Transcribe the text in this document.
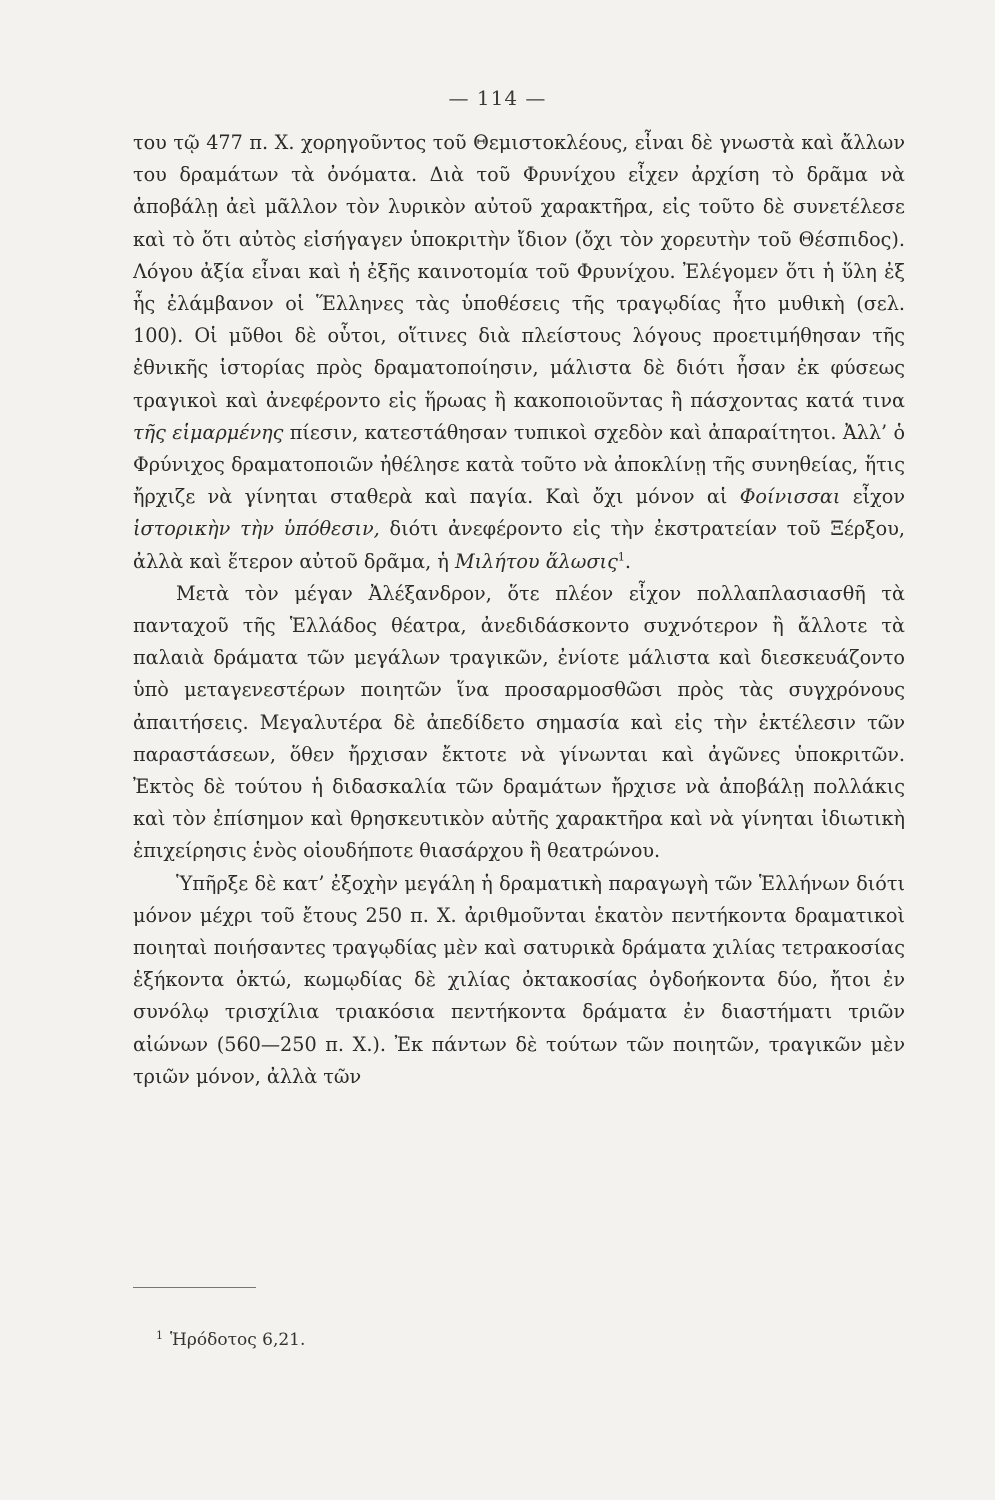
— 114 —

του τῷ 477 π. Χ. χορηγοῦντος τοῦ Θεμιστοκλέους, εἶναι δὲ γνωστὰ καὶ ἄλλων του δραμάτων τὰ ὀνόματα. Διὰ τοῦ Φρυνίχου εἶχεν ἀρχίση τὸ δρᾶμα νὰ ἀποβάλῃ ἀεὶ μᾶλλον τὸν λυρικὸν αὐτοῦ χαρακτῆρα, εἰς τοῦτο δὲ συνετέλεσε καὶ τὸ ὅτι αὐτὸς εἰσήγαγεν ὑποκριτὴν ἴδιον (ὄχι τὸν χορευτὴν τοῦ Θέσπιδος). Λόγου ἀξία εἶναι καὶ ἡ ἐξῆς καινοτομία τοῦ Φρυνίχου. Ἐλέγομεν ὅτι ἡ ὕλη ἐξ ἧς ἐλάμβανον οἱ Ἕλληνες τὰς ὑποθέσεις τῆς τραγῳδίας ἦτο μυθικὴ (σελ. 100). Οἱ μῦθοι δὲ οὗτοι, οἵτινες διὰ πλείστους λόγους προετιμήθησαν τῆς ἐθνικῆς ἱστορίας πρὸς δραματοποίησιν, μάλιστα δὲ διότι ἦσαν ἐκ φύσεως τραγικοὶ καὶ ἀνεφέροντο εἰς ἥρωας ἢ κακοποιοῦντας ἢ πάσχοντας κατά τινα τῆς εἱμαρμένης πίεσιν, κατεστάθησαν τυπικοὶ σχεδὸν καὶ ἀπαραίτητοι. Ἀλλ’ ὁ Φρύνιχος δραματοποιῶν ἠθέλησε κατὰ τοῦτο νὰ ἀποκλίνῃ τῆς συνηθείας, ἥτις ἤρχιζε νὰ γίνηται σταθερὰ καὶ παγία. Καὶ ὄχι μόνον αἱ Φοίνισσαι εἶχον ἱστορικὴν τὴν ὑπόθεσιν, διότι ἀνεφέροντο εἰς τὴν ἐκστρατείαν τοῦ Ξέρξου, ἀλλὰ καὶ ἕτερον αὐτοῦ δρᾶμα, ἡ Μιλήτου ἅλωσις$^1$.

Μετὰ τὸν μέγαν Ἀλέξανδρον, ὅτε πλέον εἶχον πολλαπλασιασθῆ τὰ πανταχοῦ τῆς Ἑλλάδος θέατρα, ἀνεδιδάσκοντο συχνότερον ἢ ἄλλοτε τὰ παλαιὰ δράματα τῶν μεγάλων τραγικῶν, ἐνίοτε μάλιστα καὶ διεσκευάζοντο ὑπὸ μεταγενεστέρων ποιητῶν ἵνα προσαρμοσθῶσι πρὸς τὰς συγχρόνους ἀπαιτήσεις. Μεγαλυτέρα δὲ ἀπεδίδετο σημασία καὶ εἰς τὴν ἐκτέλεσιν τῶν παραστάσεων, ὅθεν ἤρχισαν ἔκτοτε νὰ γίνωνται καὶ ἀγῶνες ὑποκριτῶν. Ἐκτὸς δὲ τούτου ἡ διδασκαλία τῶν δραμάτων ἤρχισε νὰ ἀποβάλῃ πολλάκις καὶ τὸν ἐπίσημον καὶ θρησκευτικὸν αὐτῆς χαρακτῆρα καὶ νὰ γίνηται ἰδιωτικὴ ἐπιχείρησις ἑνὸς οἱουδήποτε θιασάρχου ἢ θεατρώνου.

Ὑπῆρξε δὲ κατ’ ἐξοχὴν μεγάλη ἡ δραματικὴ παραγωγὴ τῶν Ἑλλήνων διότι μόνον μέχρι τοῦ ἔτους 250 π. Χ. ἀριθμοῦνται ἑκατὸν πεντήκοντα δραματικοὶ ποιηταὶ ποιήσαντες τραγῳδίας μὲν καὶ σατυρικὰ δράματα χιλίας τετρακοσίας ἑξήκοντα ὀκτώ, κωμῳδίας δὲ χιλίας ὀκτακοσίας ὀγδοήκοντα δύο, ἤτοι ἐν συνόλῳ τρισχίλια τριακόσια πεντήκοντα δράματα ἐν διαστήματι τριῶν αἰώνων (560—250 π. Χ.). Ἐκ πάντων δὲ τούτων τῶν ποιητῶν, τραγικῶν μὲν τριῶν μόνον, ἀλλὰ τῶν

1 Ἡρόδοτος 6,21.
